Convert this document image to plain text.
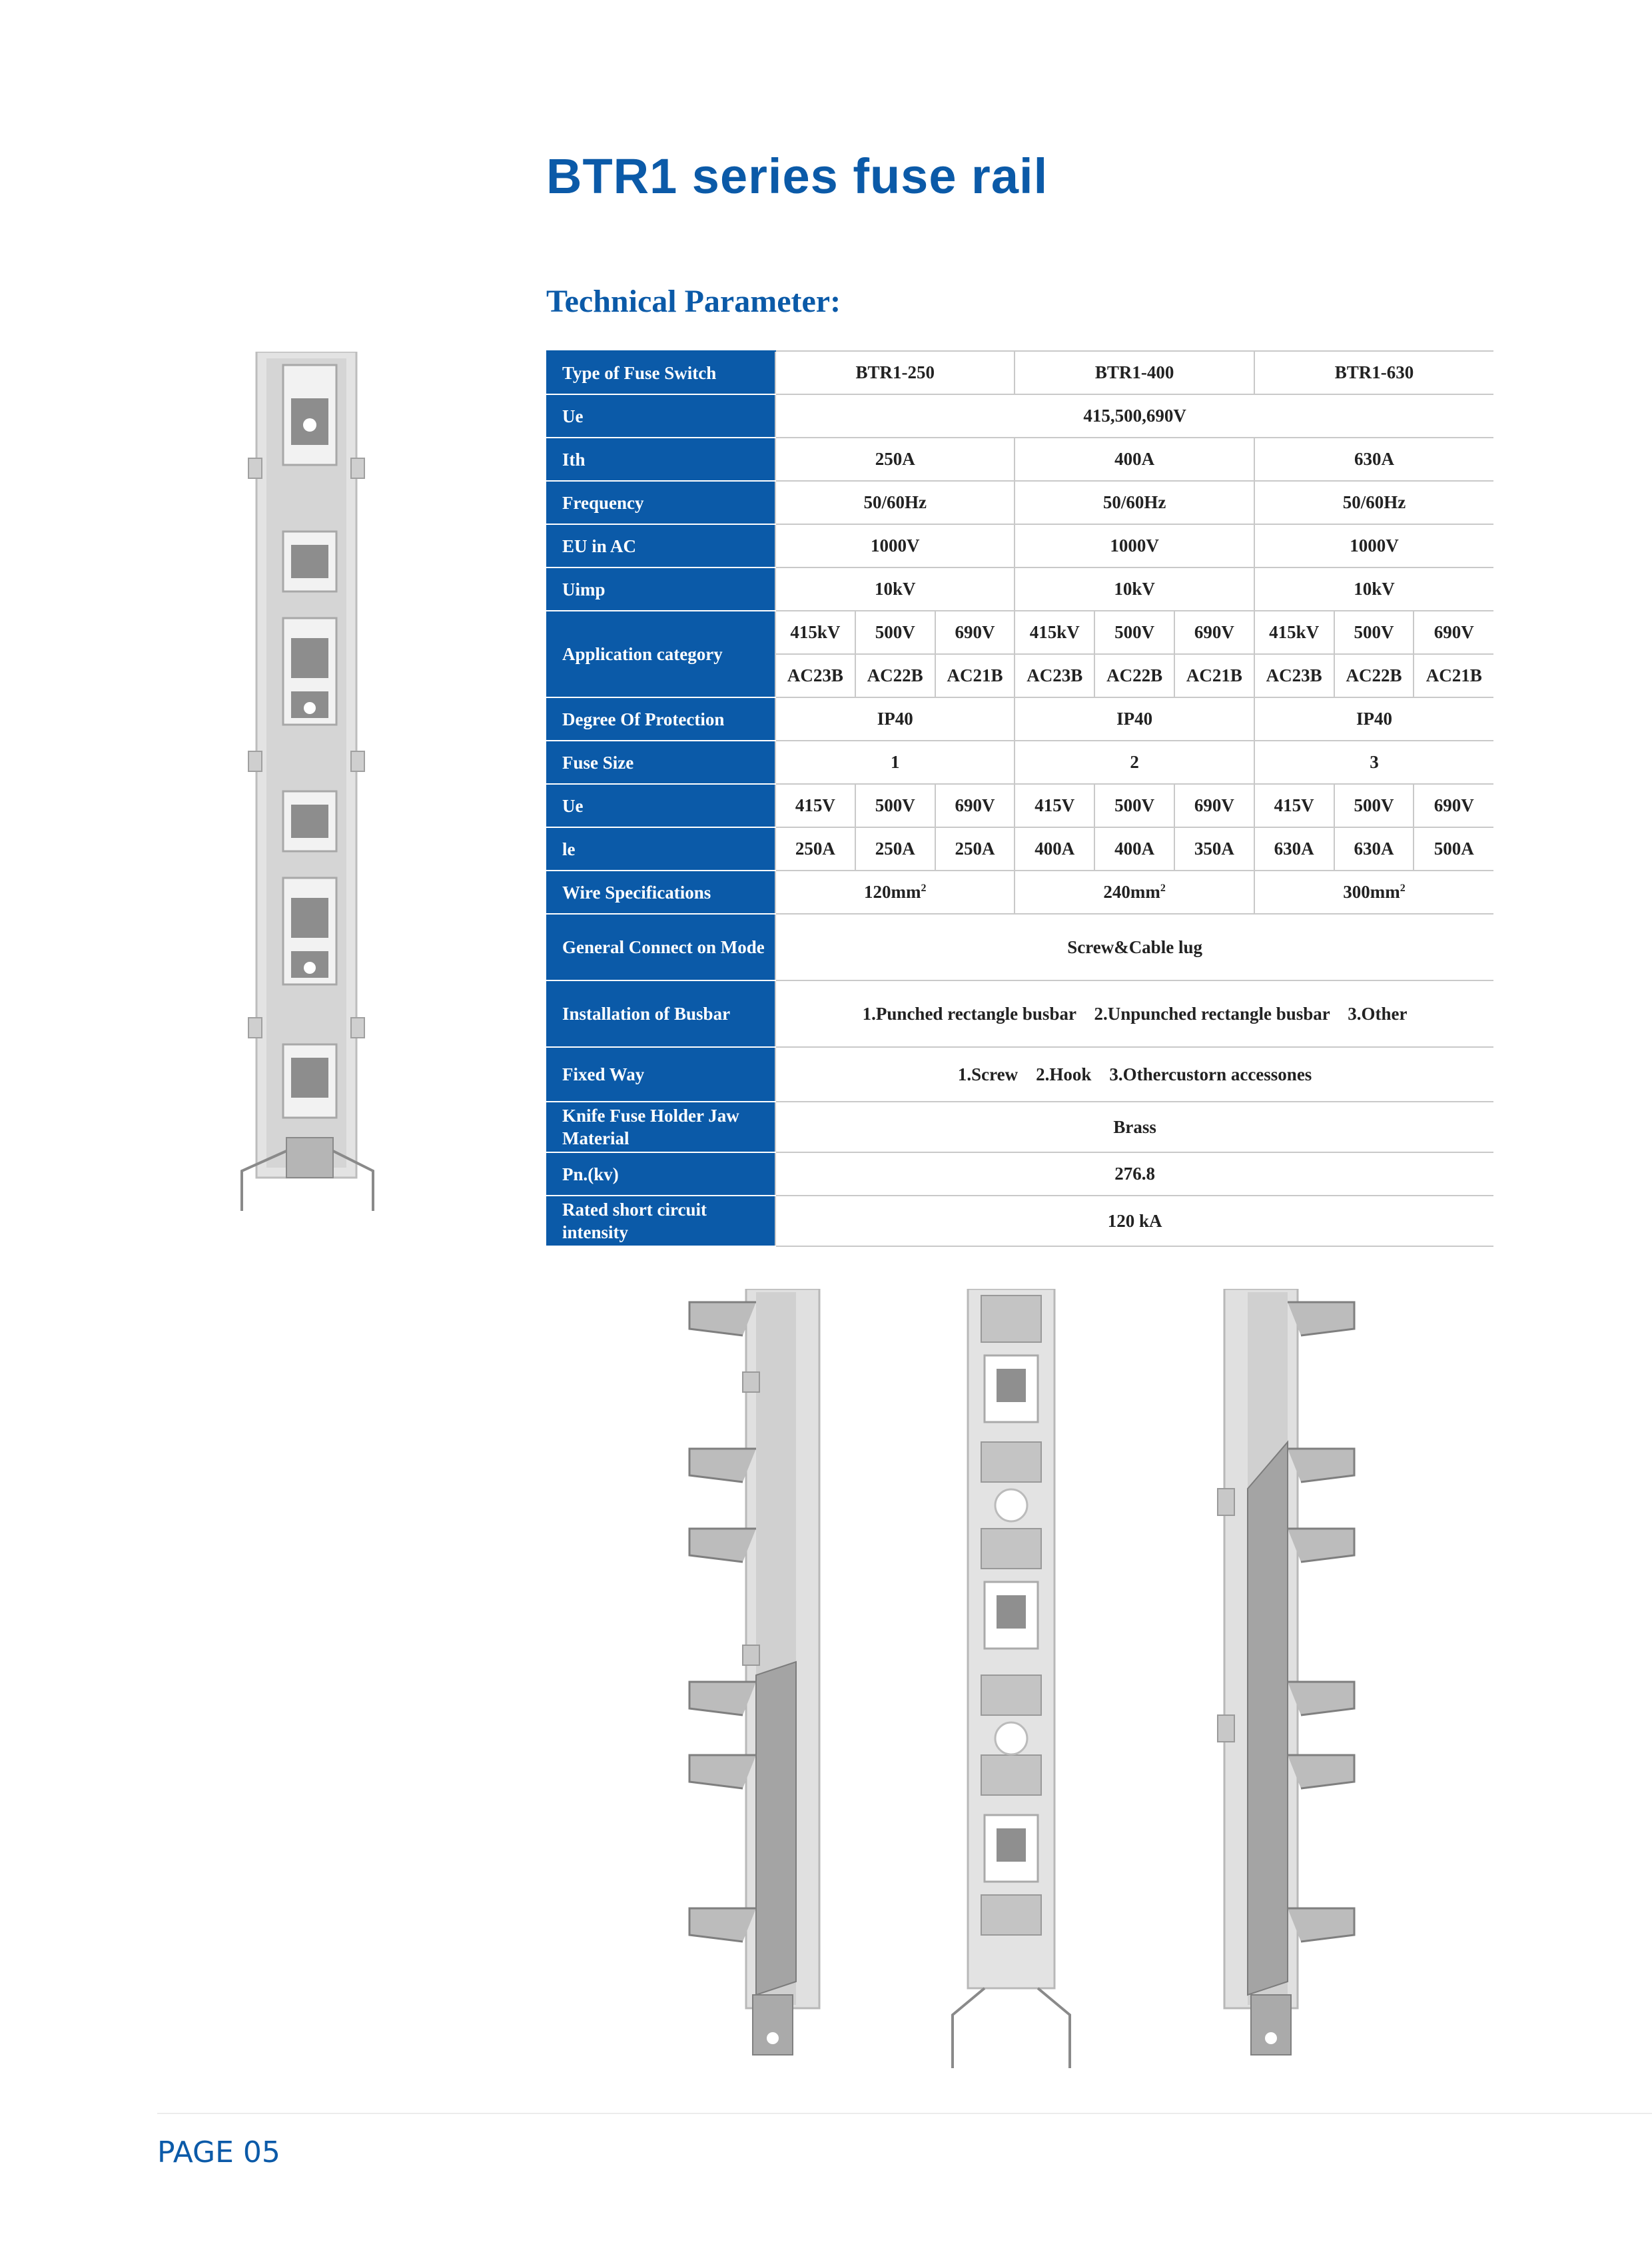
BTR1 series fuse rail
Technical Parameter:
Type of Fuse Switch	BTR1-250			BTR1-400			BTR1-630		
Ue	415,500,690V								
Ith	250A			400A			630A		
Frequency	50/60Hz			50/60Hz			50/60Hz		
EU in AC	1000V			1000V			1000V		
Uimp	10kV			10kV			10kV		
Application category	415kV	500V	690V	415kV	500V	690V	415kV	500V	690V
	AC23B	AC22B	AC21B	AC23B	AC22B	AC21B	AC23B	AC22B	AC21B
Degree Of Protection	IP40			IP40			IP40		
Fuse Size	1			2			3		
Ue	415V	500V	690V	415V	500V	690V	415V	500V	690V
le	250A	250A	250A	400A	400A	350A	630A	630A	500A
Wire Specifications	$120mm^2$			$240mm^2$			$300mm^2$
General Connect on Mode	Screw&Cable lug								
Installation of Busbar	1.Punched rectangle busbar    2.Unpunched rectangle busbar    3.Other								
Fixed Way	1.Screw    2.Hook    3.Othercustorn accessones								
Knife Fuse Holder Jaw Material	Brass								
Pn.(kv)	276.8								
Rated short circuit intensity	120 kA								

PAGE 05
